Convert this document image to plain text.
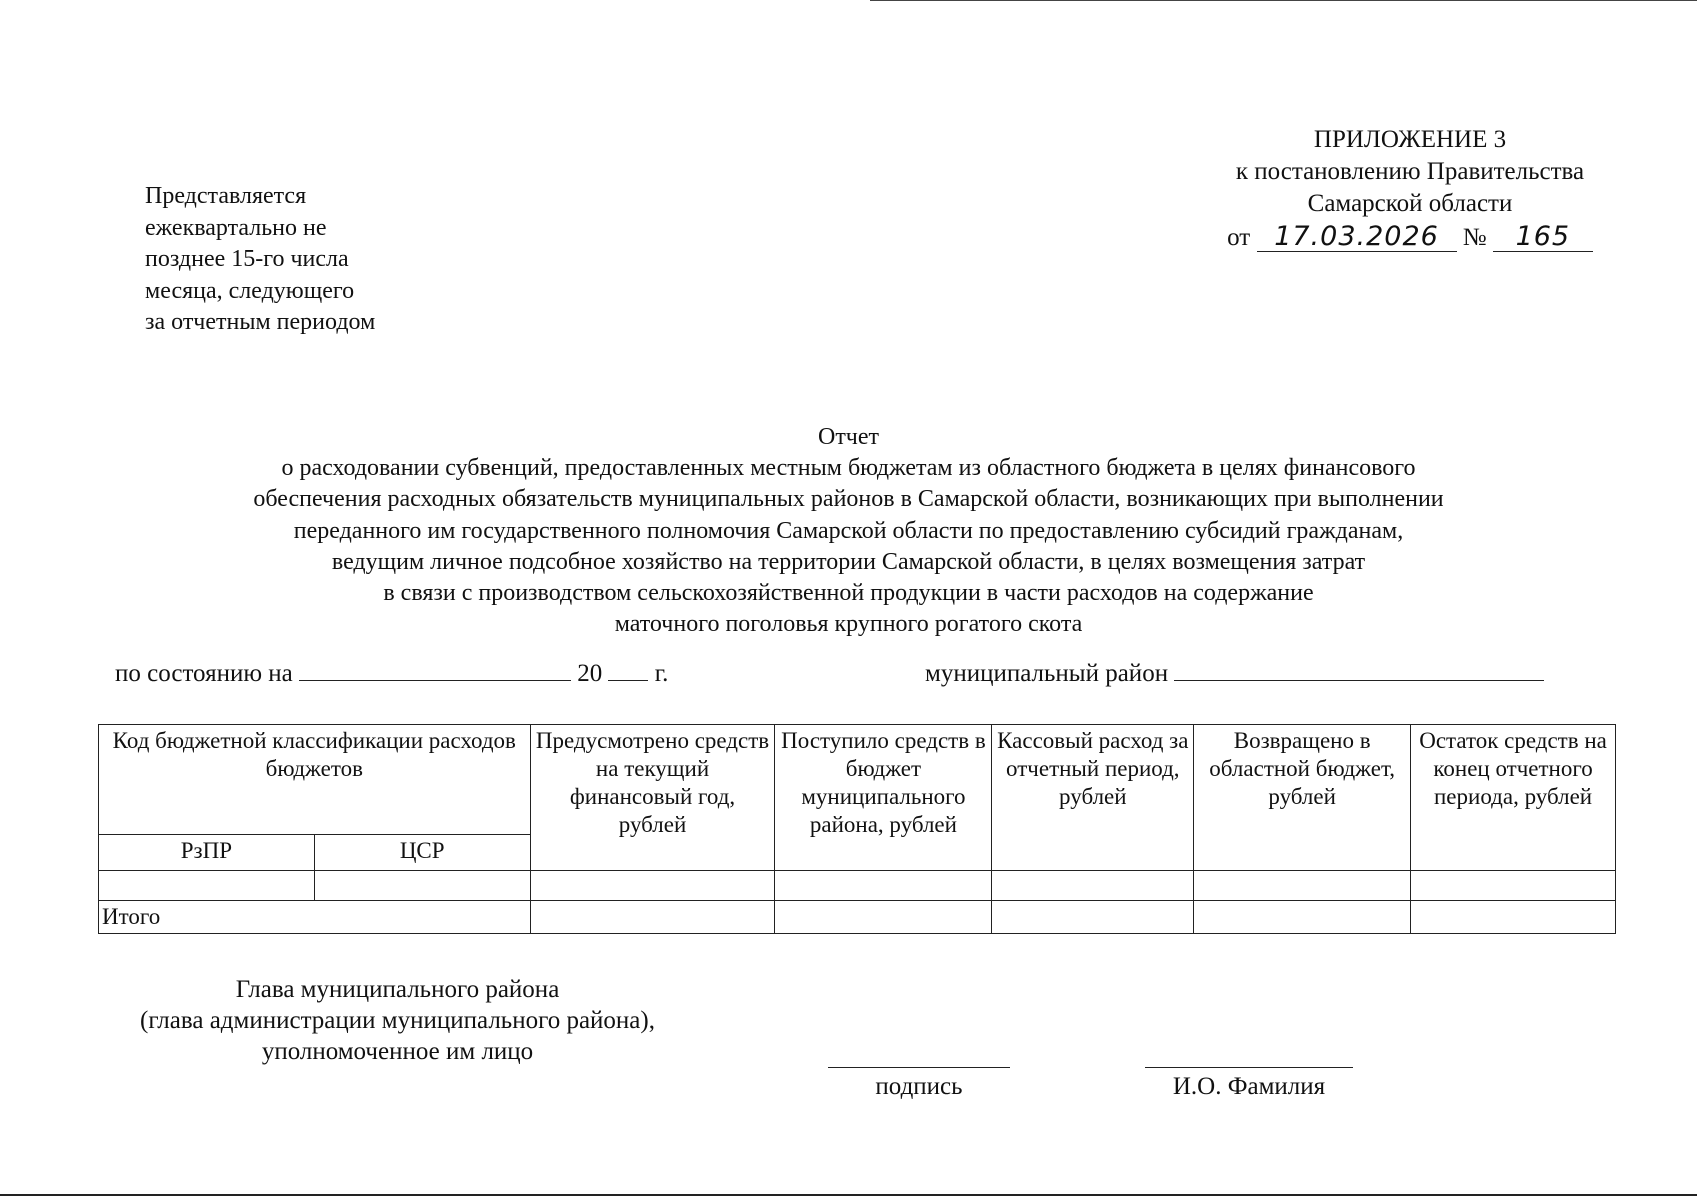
Представляется
ежеквартально не
позднее 15-го числа
месяца, следующего
за отчетным периодом
ПРИЛОЖЕНИЕ 3
к постановлению Правительства
Самарской области
от 17.03.2026 № 165
Отчет
о расходовании субвенций, предоставленных местным бюджетам из областного бюджета в целях финансового
обеспечения расходных обязательств муниципальных районов в Самарской области, возникающих при выполнении
переданного им государственного полномочия Самарской области по предоставлению субсидий гражданам,
ведущим личное подсобное хозяйство на территории Самарской области, в целях возмещения затрат
в связи с производством сельскохозяйственной продукции в части расходов на содержание
маточного поголовья крупного рогатого скота
по состоянию на	20 г.	муниципальный район
Код бюджетной классификации расходов бюджетов		Предусмотрено средств на текущий финансовый год, рублей	Поступило средств в бюджет муниципального района, рублей	Кассовый расход за отчетный период, рублей	Возвращено в областной бюджет, рублей	Остаток средств на конец отчетного периода, рублей
РзПР	ЦСР					

Итого						
Глава муниципального района
(глава администрации муниципального района),
уполномоченное им лицо
подпись	И.О. Фамилия
